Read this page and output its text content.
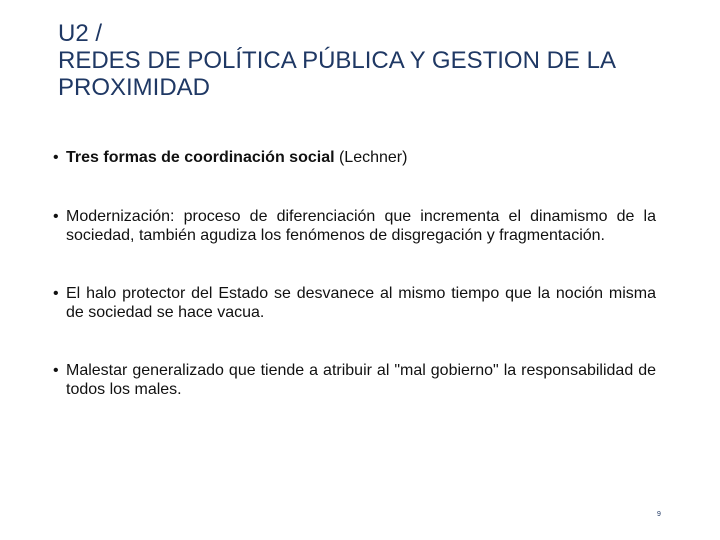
U2 /
REDES DE POLÍTICA PÚBLICA Y GESTION DE LA
PROXIMIDAD
• Tres formas de coordinación social (Lechner)
• Modernización: proceso de diferenciación que incrementa el dinamismo de la sociedad, también agudiza los fenómenos de disgregación y fragmentación.
• El halo protector del Estado se desvanece al mismo tiempo que la noción misma de sociedad se hace vacua.
• Malestar generalizado que tiende a atribuir al "mal gobierno" la responsabilidad de todos los males.
9
